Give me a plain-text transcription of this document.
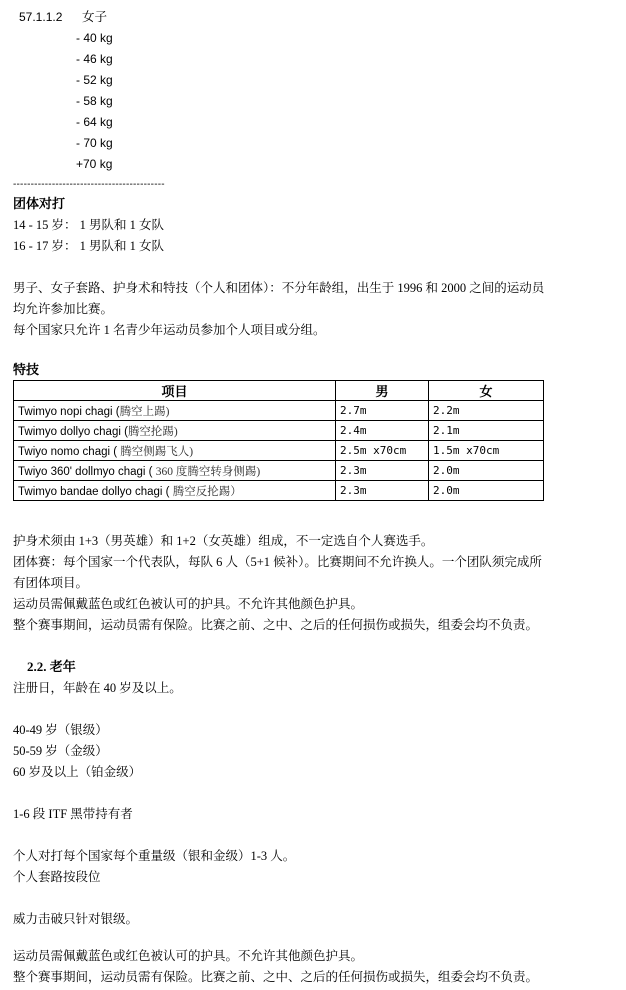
57.1.1.2 女子
- 40 kg
- 46 kg
- 52 kg
- 58 kg
- 64 kg
- 70 kg
+70 kg
-------------------------------------------
团体对打
14 - 15 岁： 1 男队和 1 女队
16 - 17 岁： 1 男队和 1 女队
男子、女子套路、护身术和特技（个人和团体）：不分年龄组，出生于 1996 和 2000 之间的运动员
均允许参加比赛。
每个国家只允许 1 名青少年运动员参加个人项目或分组。
特技
项目	男	女
Twimyo nopi chagi (腾空上踢)	2.7m	2.2m
Twimyo dollyo chagi (腾空抡踢)	2.4m	2.1m
Twiyo nomo chagi ( 腾空侧踢飞人)	2.5m x70cm	1.5m x70cm
Twiyo 360' dollmyo chagi ( 360 度腾空转身侧踢)	2.3m	2.0m
Twimyo bandae dollyo chagi ( 腾空反抡踢）	2.3m	2.0m
护身术须由 1+3（男英雄）和 1+2（女英雄）组成，不一定选自个人赛选手。
团体赛：每个国家一个代表队，每队 6 人（5+1 候补）。比赛期间不允许换人。一个团队须完成所
有团体项目。
运动员需佩戴蓝色或红色被认可的护具。不允许其他颜色护具。
整个赛事期间，运动员需有保险。比赛之前、之中、之后的任何损伤或损失，组委会均不负责。
2.2. 老年
注册日，年龄在 40 岁及以上。
40-49 岁（银级）
50-59 岁（金级）
60 岁及以上（铂金级）
1-6 段 ITF 黑带持有者
个人对打每个国家每个重量级（银和金级）1-3 人。
个人套路按段位
威力击破只针对银级。
运动员需佩戴蓝色或红色被认可的护具。不允许其他颜色护具。
整个赛事期间，运动员需有保险。比赛之前、之中、之后的任何损伤或损失，组委会均不负责。
